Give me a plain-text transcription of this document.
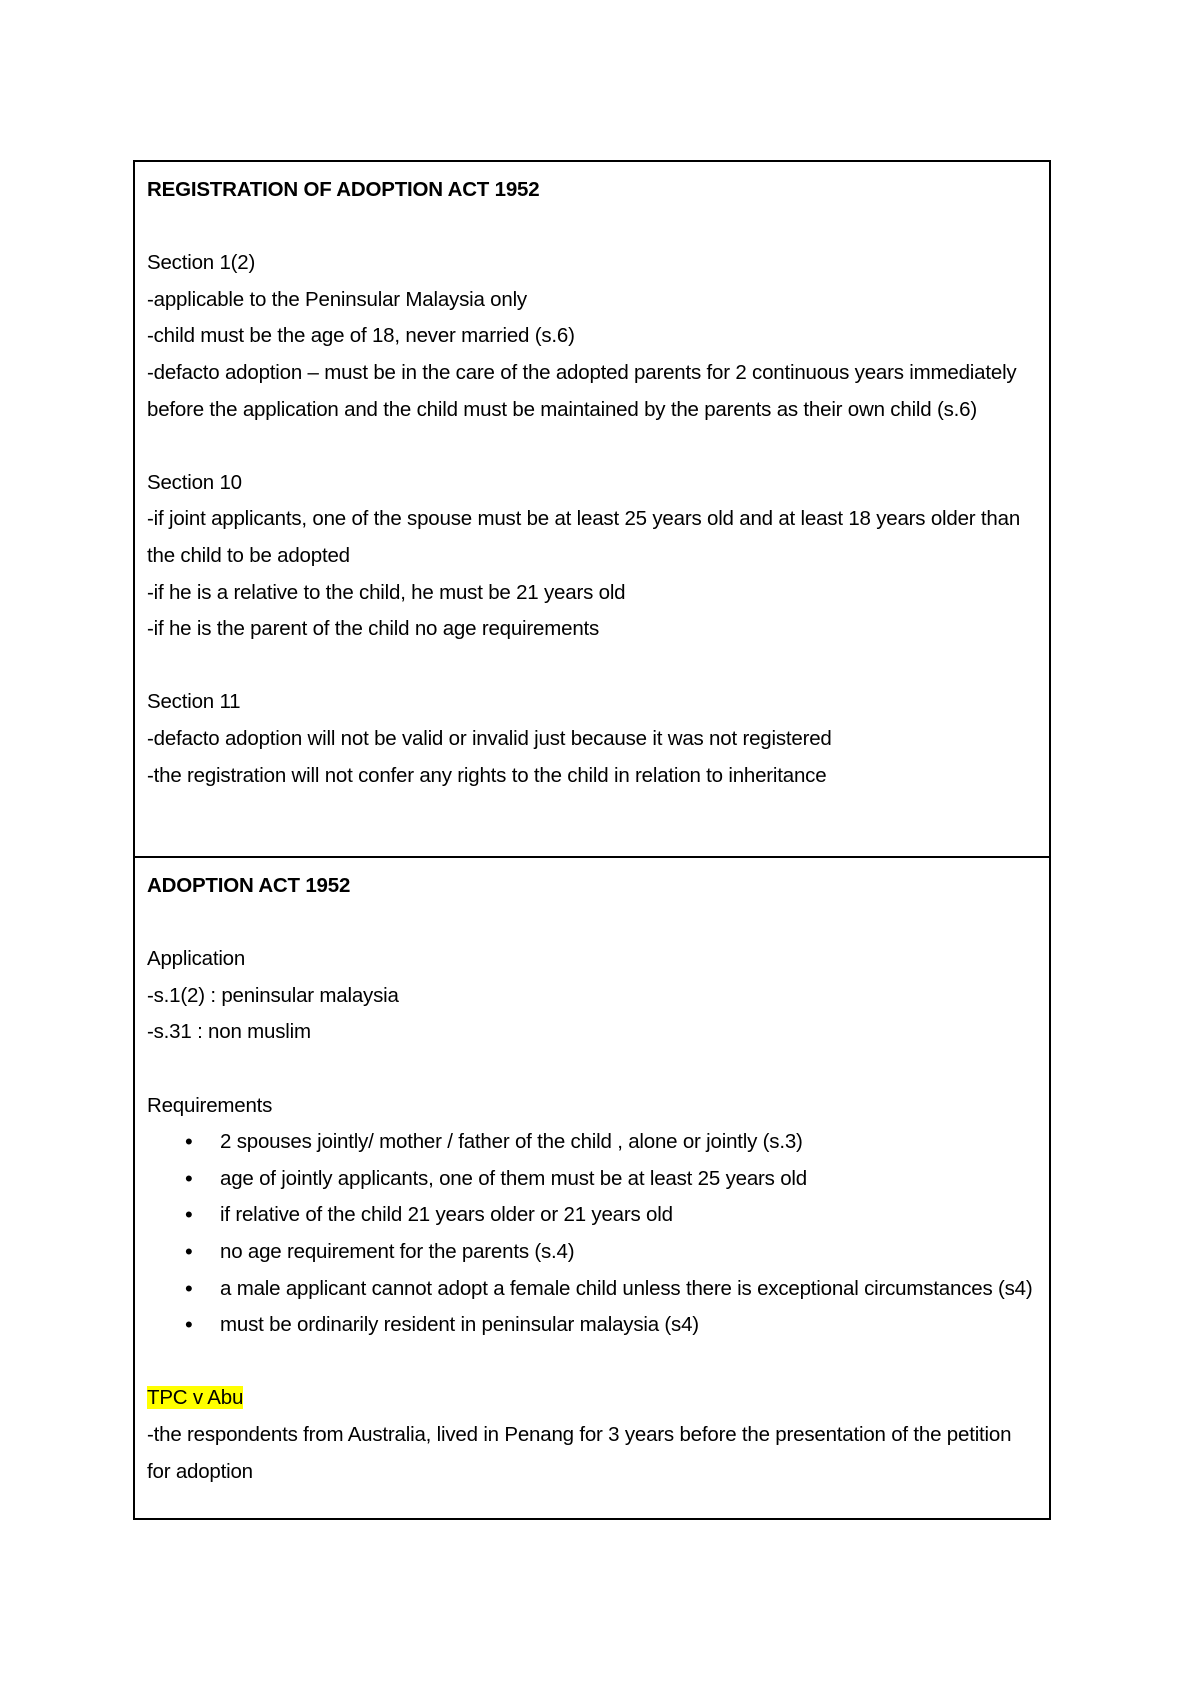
REGISTRATION OF ADOPTION ACT 1952
Section 1(2)
-applicable to the Peninsular Malaysia only
-child must be the age of 18, never married (s.6)
-defacto adoption – must be in the care of the adopted parents for 2 continuous years immediately before the application and the child must be maintained by the parents as their own child (s.6)
Section 10
-if joint applicants, one of the spouse must be at least 25 years old and at least 18 years older than the child to be adopted
-if he is a relative to the child, he must be 21 years old
-if he is the parent of the child no age requirements
Section 11
-defacto adoption will not be valid or invalid just because it was not registered
-the registration will not confer any rights to the child in relation to inheritance
ADOPTION ACT 1952
Application
-s.1(2) : peninsular malaysia
-s.31 : non muslim
Requirements
• 2 spouses jointly/ mother / father of the child , alone or jointly (s.3)
• age of jointly applicants, one of them must be at least 25 years old
• if relative of the child 21 years older or 21 years old
• no age requirement for the parents (s.4)
• a male applicant cannot adopt a female child unless there is exceptional circumstances (s4)
• must be ordinarily resident in peninsular malaysia (s4)
TPC v Abu
-the respondents from Australia, lived in Penang for 3 years before the presentation of the petition for adoption
